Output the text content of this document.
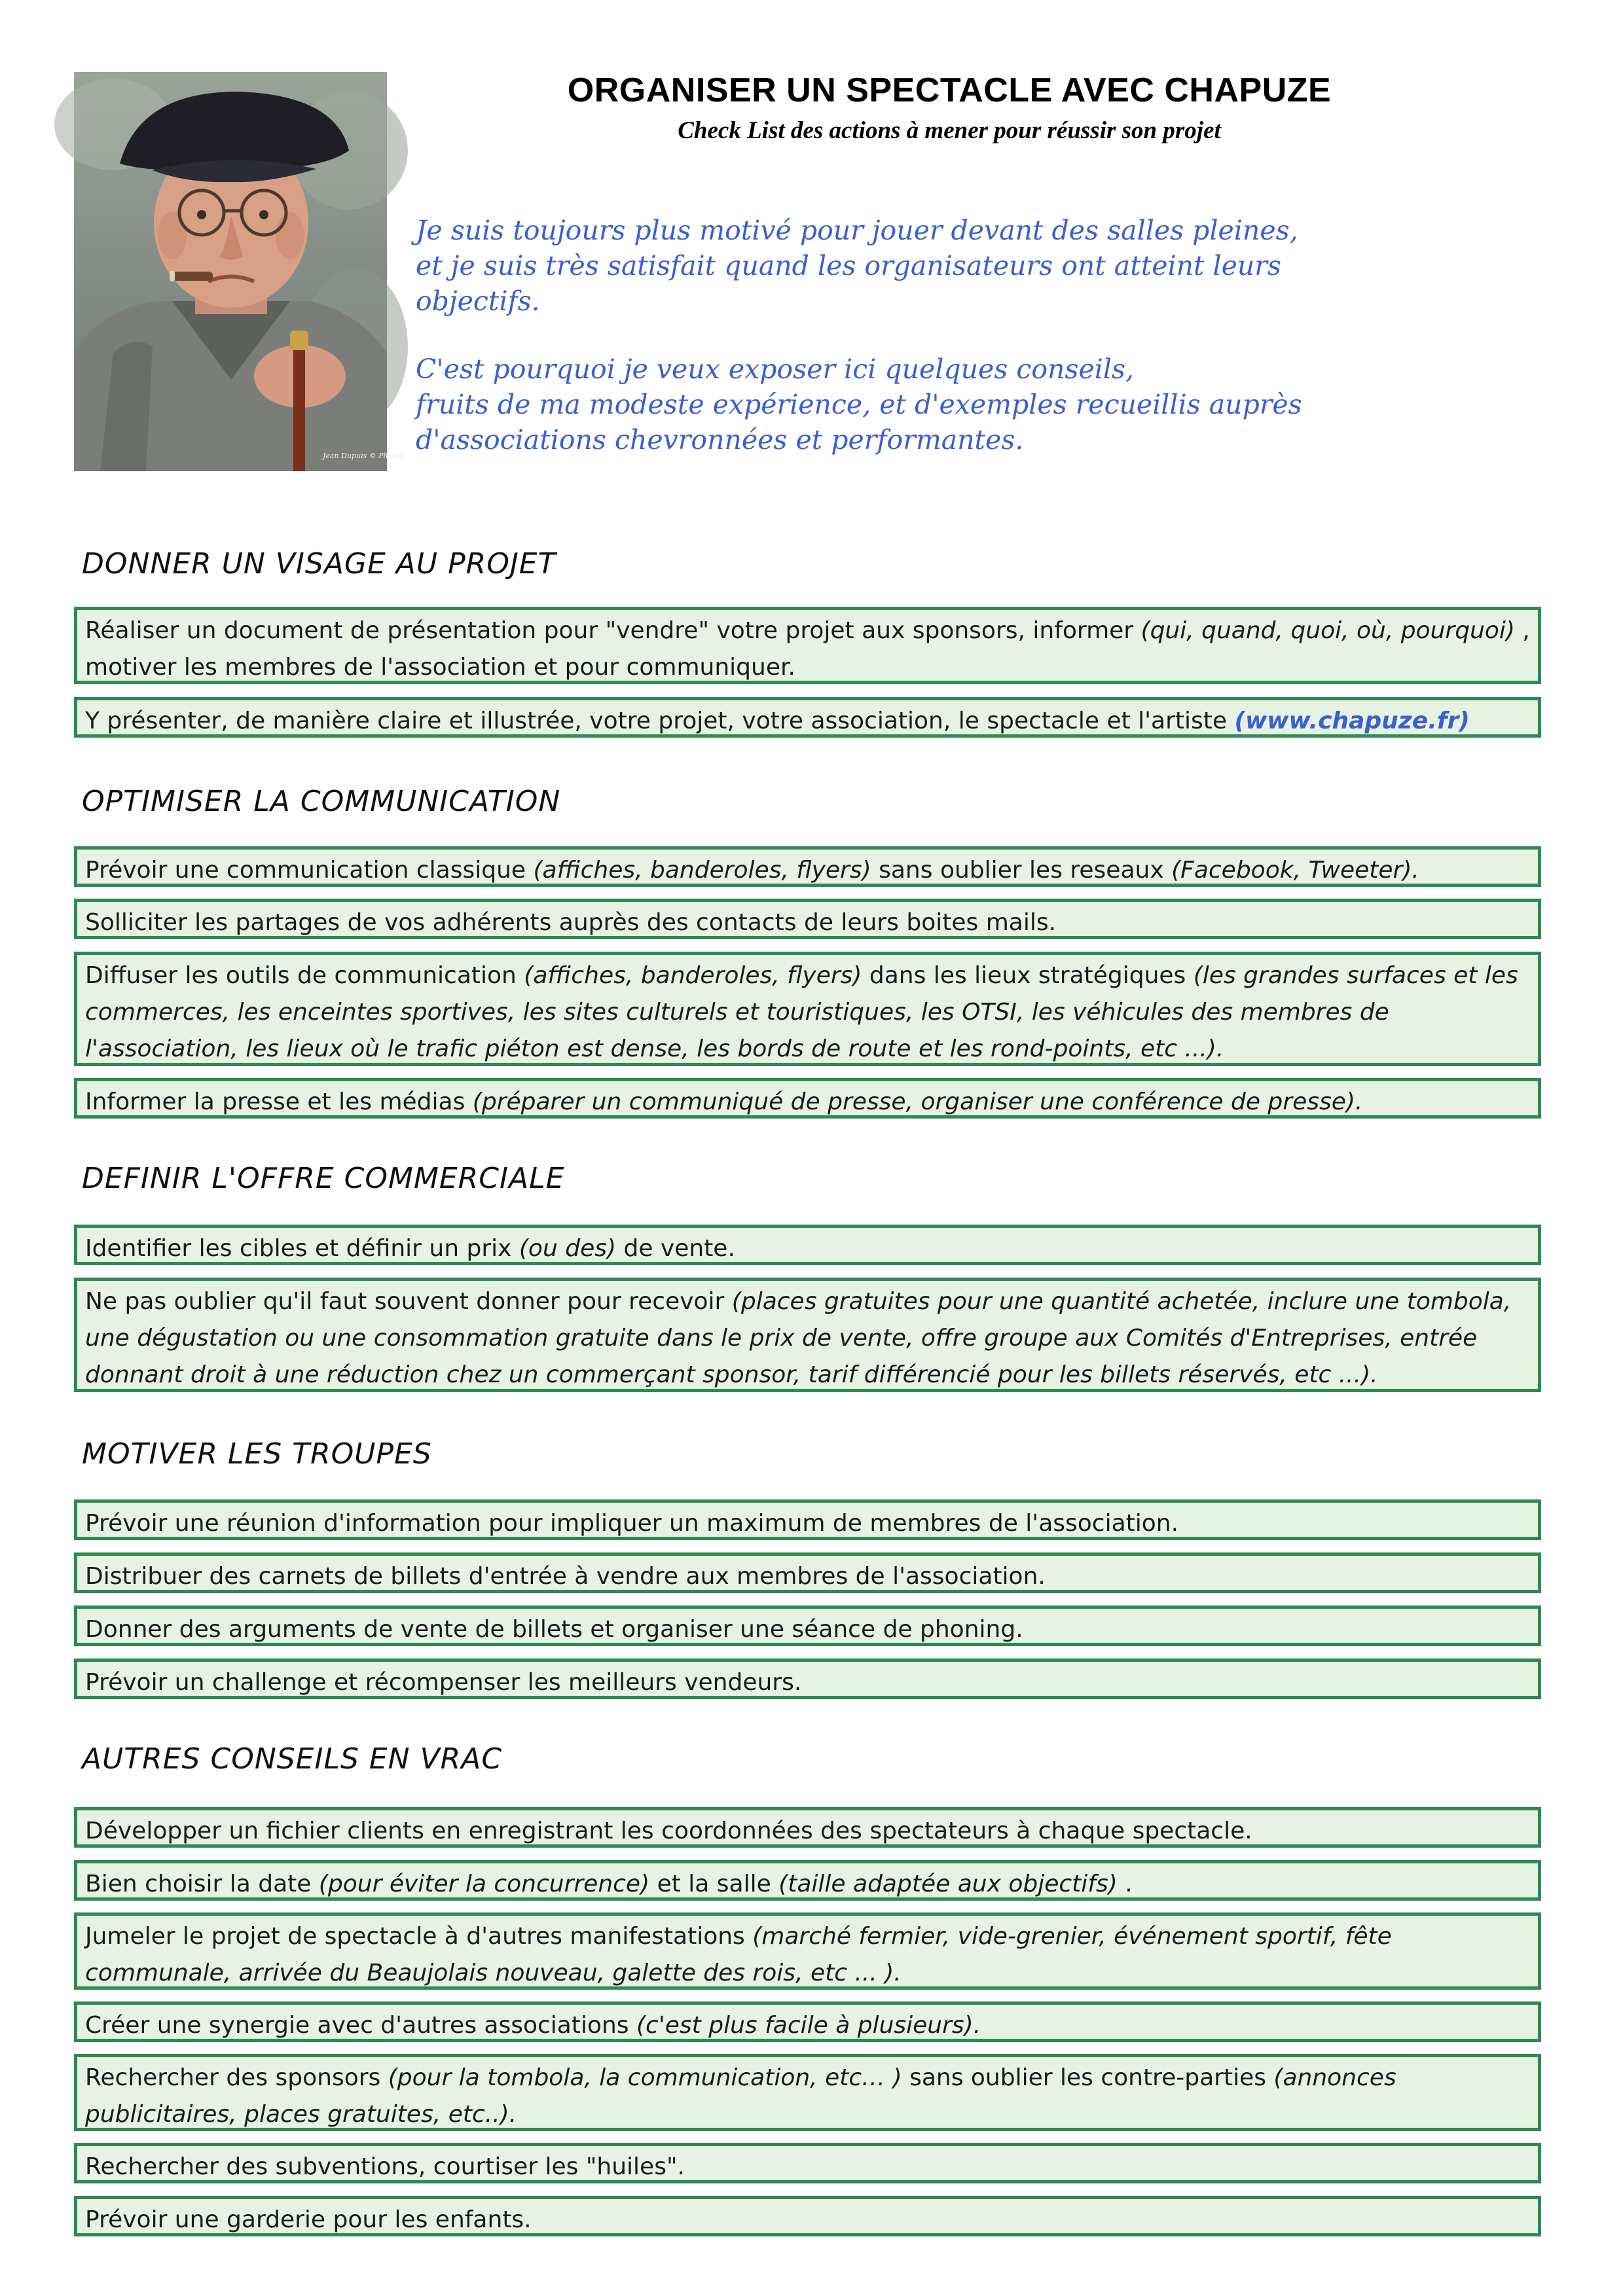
Jean Dupuis © Photos
ORGANISER UN SPECTACLE AVEC CHAPUZE
Check List des actions à mener pour réussir son projet

Je suis toujours plus motivé pour jouer devant des salles pleines,
et je suis très satisfait quand les organisateurs ont atteint leurs
objectifs.

C'est pourquoi je veux exposer ici quelques conseils,
fruits de ma modeste expérience, et d'exemples recueillis auprès
d'associations chevronnées et performantes.

DONNER UN VISAGE AU PROJET
Réaliser un document de présentation pour "vendre" votre projet aux sponsors, informer (qui, quand, quoi, où, pourquoi) , motiver les membres de l'association et pour communiquer.
Y présenter, de manière claire et illustrée, votre projet, votre association, le spectacle et l'artiste (www.chapuze.fr)
OPTIMISER LA COMMUNICATION
Prévoir une communication classique (affiches, banderoles, flyers) sans oublier les reseaux (Facebook, Tweeter).
Solliciter les partages de vos adhérents auprès des contacts de leurs boites mails.
Diffuser les outils de communication (affiches, banderoles, flyers) dans les lieux stratégiques (les grandes surfaces et les commerces, les enceintes sportives, les sites culturels et touristiques, les OTSI, les véhicules des membres de l'association, les lieux où le trafic piéton est dense, les bords de route et les rond-points, etc ...).
Informer la presse et les médias (préparer un communiqué de presse, organiser une conférence de presse).
DEFINIR L'OFFRE COMMERCIALE
Identifier les cibles et définir un prix (ou des) de vente.
Ne pas oublier qu'il faut souvent donner pour recevoir (places gratuites pour une quantité achetée, inclure une tombola, une dégustation ou une consommation gratuite dans le prix de vente, offre groupe aux Comités d'Entreprises, entrée donnant droit à une réduction chez un commerçant sponsor, tarif différencié pour les billets réservés, etc ...).
MOTIVER LES TROUPES
Prévoir une réunion d'information pour impliquer un maximum de membres de l'association.
Distribuer des carnets de billets d'entrée à vendre aux membres de l'association.
Donner des arguments de vente de billets et organiser une séance de phoning.
Prévoir un challenge et récompenser les meilleurs vendeurs.
AUTRES CONSEILS EN VRAC
Développer un fichier clients en enregistrant les coordonnées des spectateurs à chaque spectacle.
Bien choisir la date (pour éviter la concurrence) et la salle (taille adaptée aux objectifs) .
Jumeler le projet de spectacle à d'autres manifestations (marché fermier, vide-grenier, événement sportif, fête communale, arrivée du Beaujolais nouveau, galette des rois, etc ... ).
Créer une synergie avec d'autres associations (c'est plus facile à plusieurs).
Rechercher des sponsors (pour la tombola, la communication, etc… ) sans oublier les contre-parties (annonces publicitaires, places gratuites, etc..).
Rechercher des subventions, courtiser les "huiles".
Prévoir une garderie pour les enfants.
